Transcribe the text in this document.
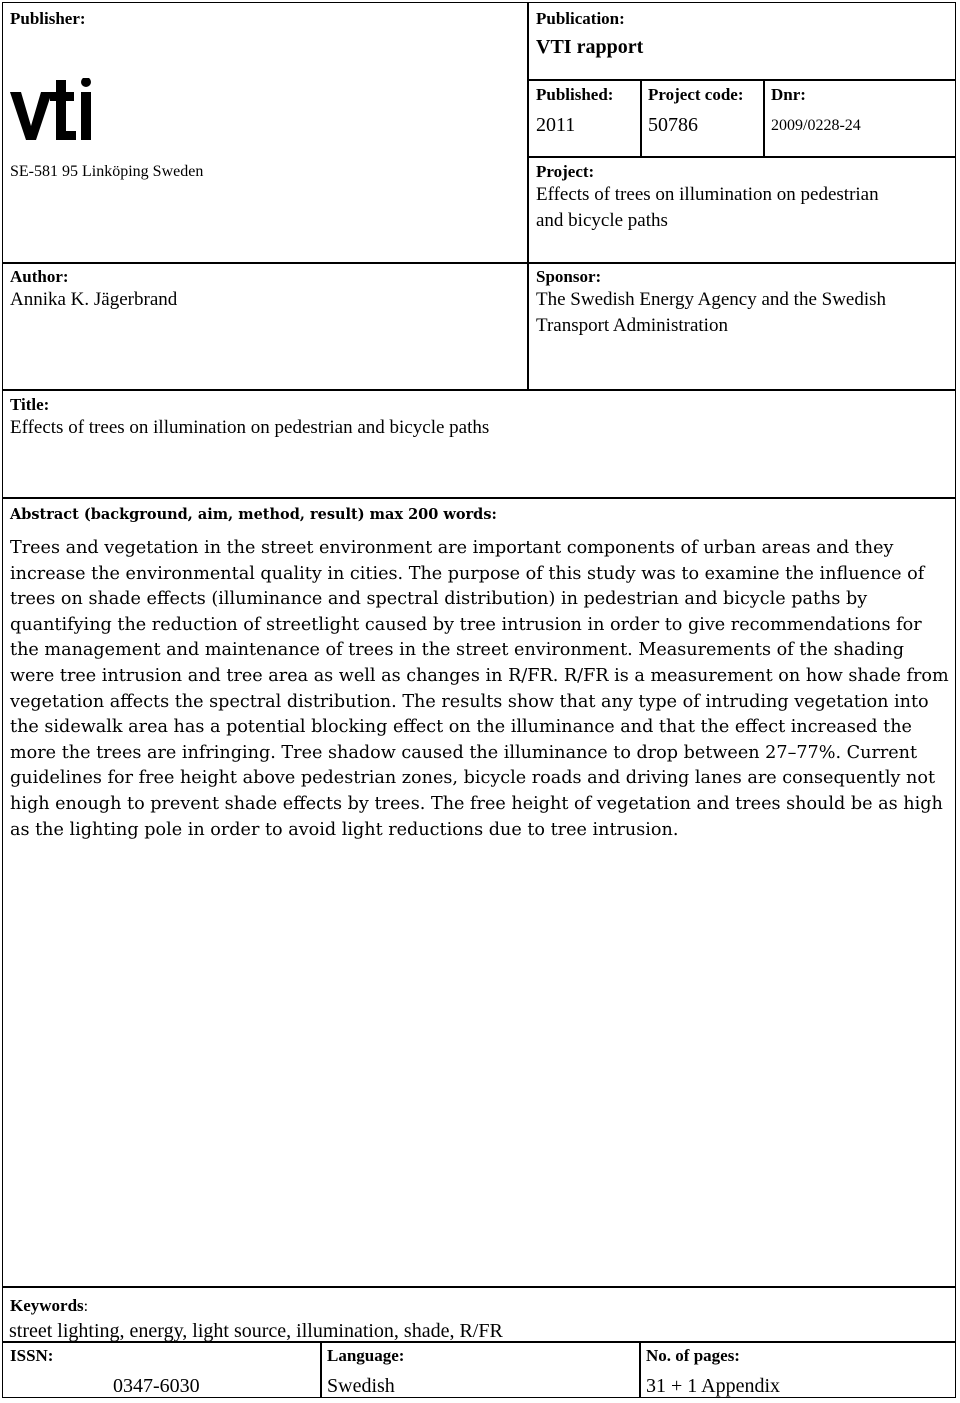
Publisher:
SE-581 95 Linköping Sweden
Author:
Annika K. Jägerbrand
Publication:
VTI rapport
Published:
2011
Project code:
50786
Dnr:
2009/0228-24
Project:
Effects of trees on illumination on pedestrian
and bicycle paths
Sponsor:
The Swedish Energy Agency and the Swedish
Transport Administration
Title:
Effects of trees on illumination on pedestrian and bicycle paths
Abstract (background, aim, method, result) max 200 words:
Trees and vegetation in the street environment are important components of urban areas and they increase the environmental quality in cities. The purpose of this study was to examine the influence of trees on shade effects (illuminance and spectral distribution) in pedestrian and bicycle paths by quantifying the reduction of streetlight caused by tree intrusion in order to give recommendations for the management and maintenance of trees in the street environment. Measurements of the shading were tree intrusion and tree area as well as changes in R/FR. R/FR is a measurement on how shade from vegetation affects the spectral distribution. The results show that any type of intruding vegetation into the sidewalk area has a potential blocking effect on the illuminance and that the effect increased the more the trees are infringing. Tree shadow caused the illuminance to drop between 27–77%. Current guidelines for free height above pedestrian zones, bicycle roads and driving lanes are consequently not high enough to prevent shade effects by trees. The free height of vegetation and trees should be as high as the lighting pole in order to avoid light reductions due to tree intrusion.
Keywords:
street lighting, energy, light source, illumination, shade, R/FR
ISSN:
0347-6030
Language:
Swedish
No. of pages:
31 + 1 Appendix
